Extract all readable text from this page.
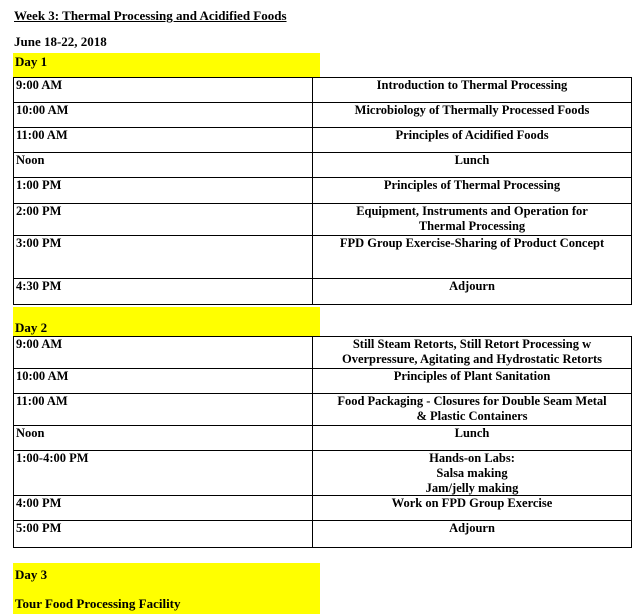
Week 3: Thermal Processing and Acidified Foods
June 18-22, 2018
Day 1
9:00 AM	Introduction to Thermal Processing

10:00 AM	Microbiology of Thermally Processed Foods

11:00 AM	Principles of Acidified Foods

Noon	Lunch

1:00 PM	Principles of Thermal Processing

2:00 PM	Equipment, Instruments and Operation for
Thermal Processing

3:00 PM	FPD Group Exercise-Sharing of Product Concept

4:30 PM	Adjourn
Day 2
9:00 AM	Still Steam Retorts, Still Retort Processing w
Overpressure, Agitating and Hydrostatic Retorts

10:00 AM	Principles of Plant Sanitation

11:00 AM	Food Packaging - Closures for Double Seam Metal
& Plastic Containers

Noon	Lunch

1:00-4:00 PM	Hands-on Labs:
Salsa making
Jam/jelly making

4:00 PM	Work on FPD Group Exercise

5:00 PM	Adjourn
Day 3
Tour Food Processing Facility
